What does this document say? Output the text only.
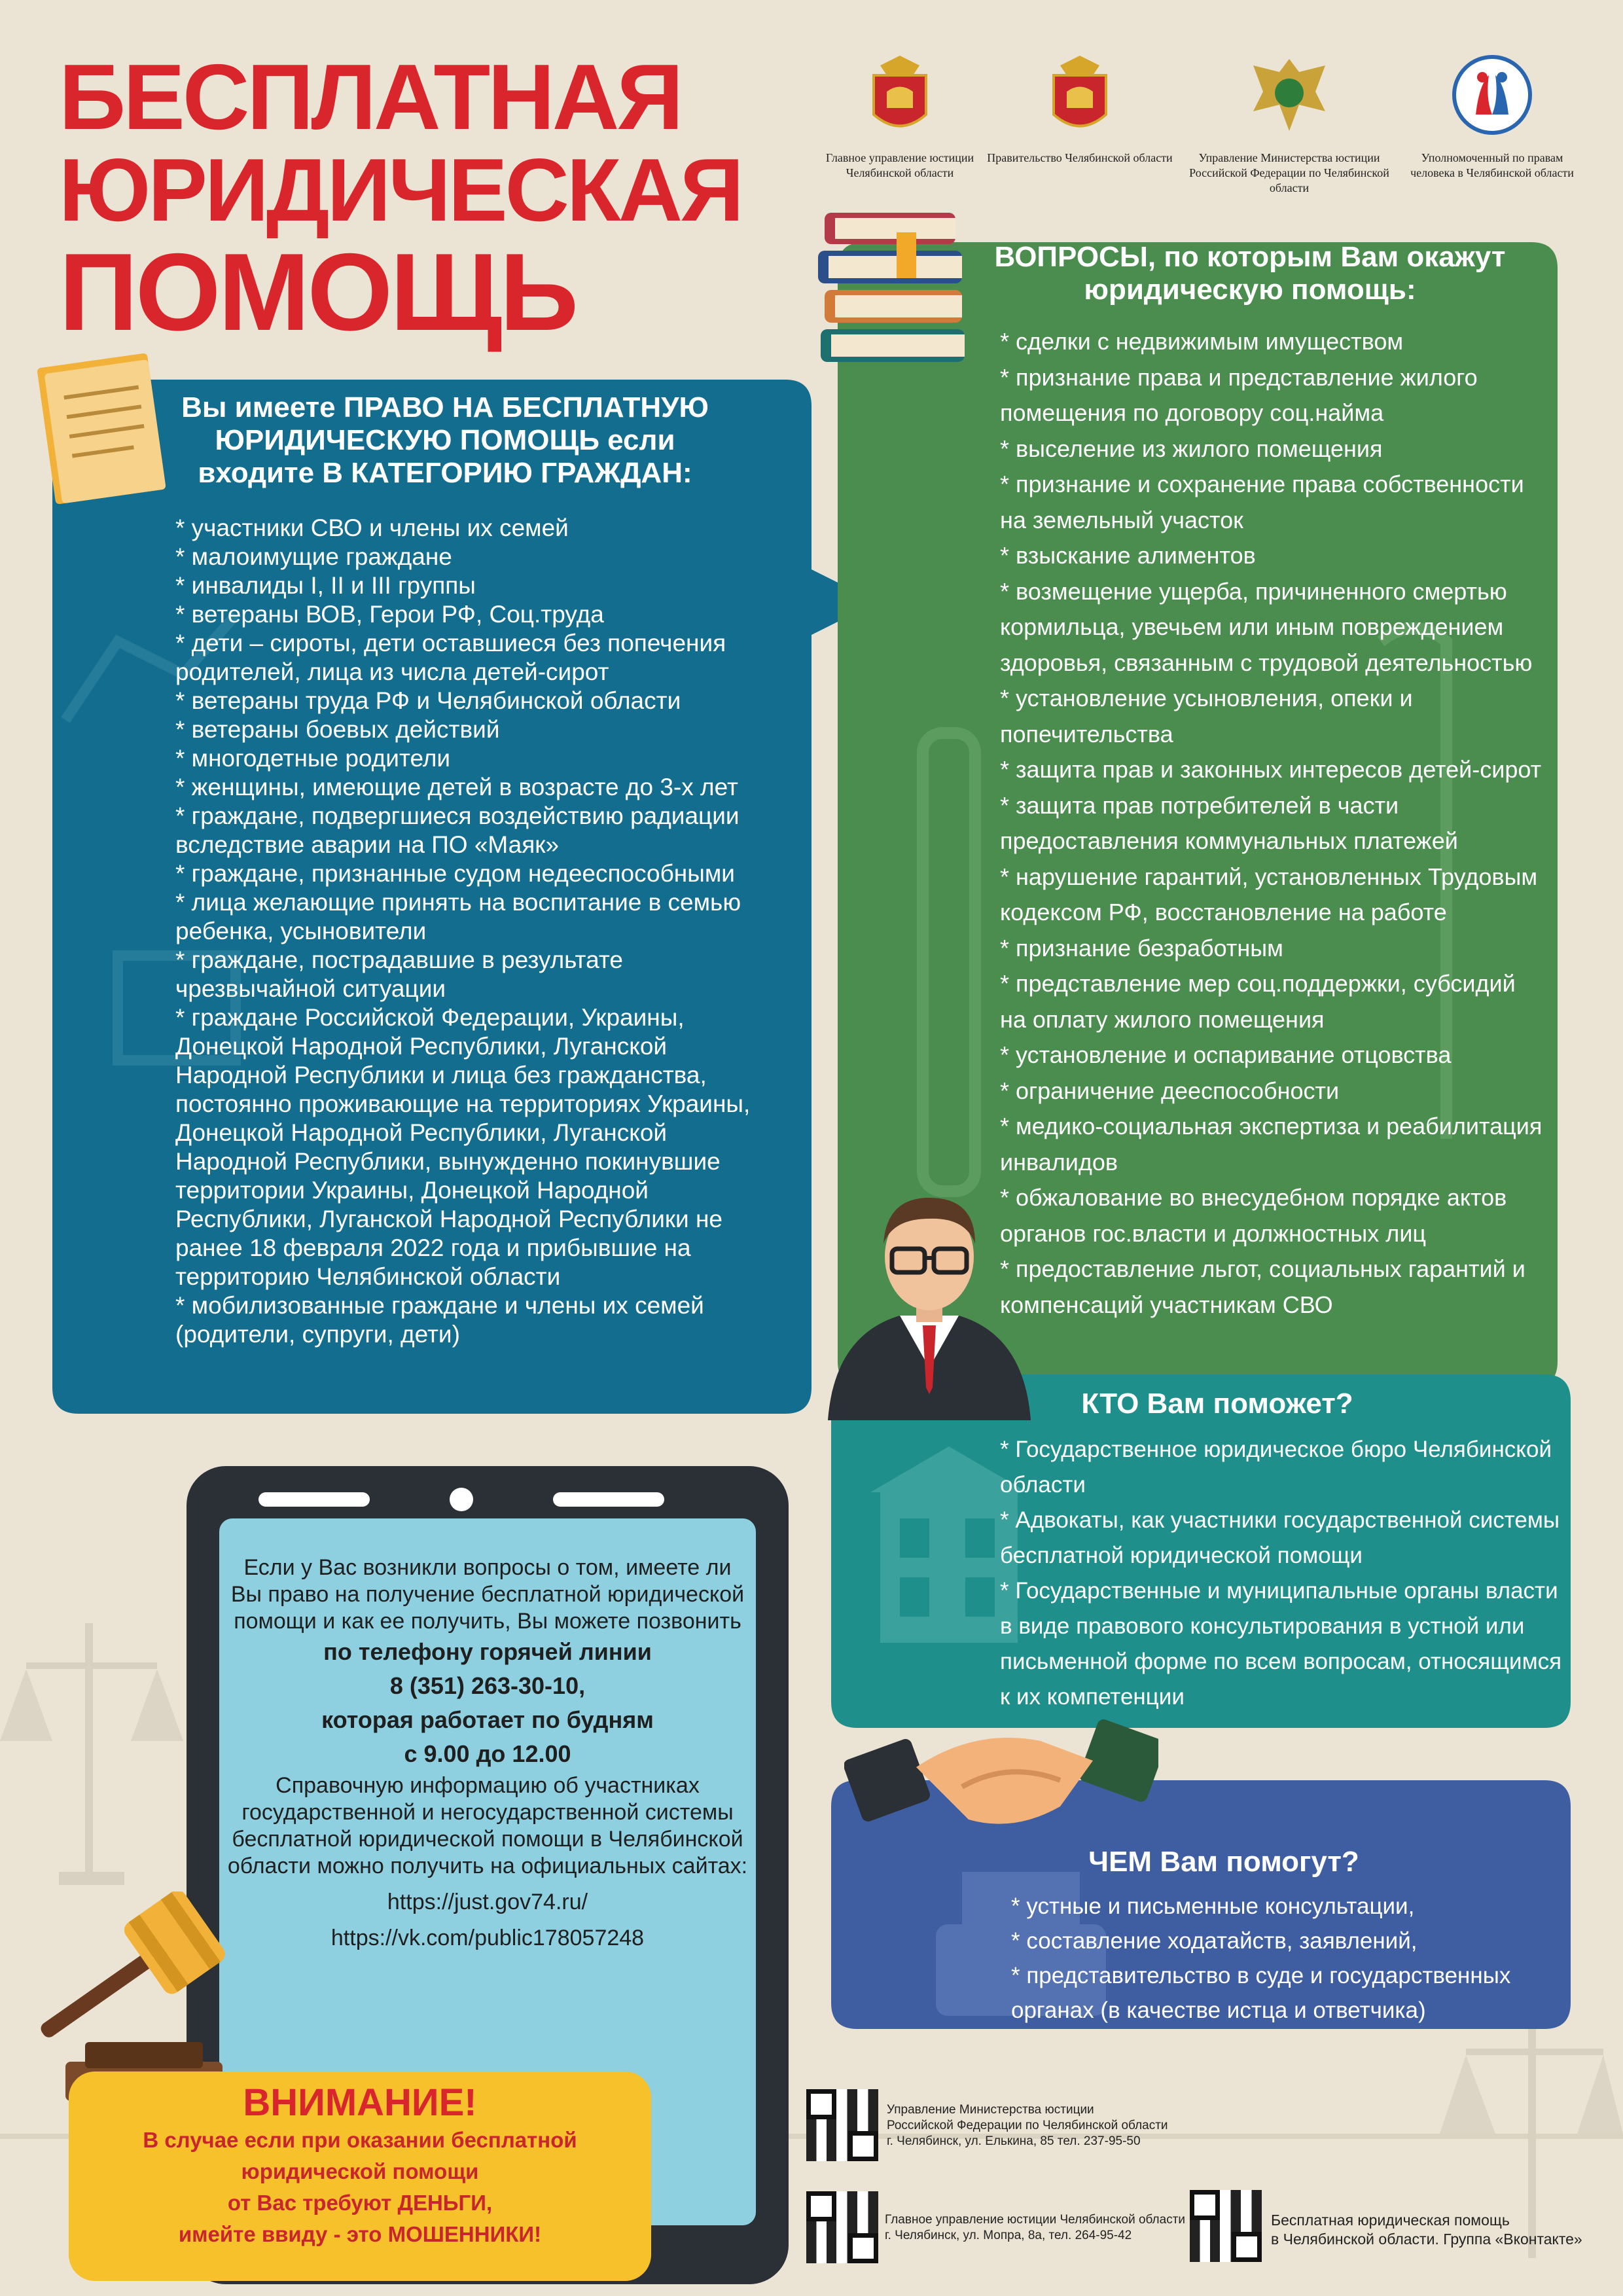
БЕСПЛАТНАЯ
ЮРИДИЧЕСКАЯ
ПОМОЩЬ
Главное управление юстиции Челябинской области
Правительство Челябинской области	Управление Министерства юстиции Российской Федерации по Челябинской области
Уполномоченный по правам человека в Челябинской области
Вы имеете ПРАВО НА БЕСПЛАТНУЮ ЮРИДИЧЕСКУЮ ПОМОЩЬ если входите В КАТЕГОРИЮ ГРАЖДАН:
* участники СВО и члены их семей
* малоимущие граждане
* инвалиды I, II и III группы
* ветераны ВОВ, Герои РФ, Соц.труда
* дети – сироты, дети оставшиеся без попечения родителей, лица из числа детей-сирот
* ветераны труда РФ и Челябинской области
* ветераны боевых действий
* многодетные родители
* женщины, имеющие детей в возрасте до 3-х лет
* граждане, подвергшиеся воздействию радиации вследствие аварии на ПО «Маяк»
* граждане, признанные судом недееспособными
* лица желающие принять на воспитание в семью ребенка, усыновители
* граждане, пострадавшие в результате чрезвычайной ситуации
* граждане Российской Федерации, Украины, Донецкой Народной Республики, Луганской Народной Республики и лица без гражданства, постоянно проживающие на территориях Украины, Донецкой Народной Республики, Луганской Народной Республики, вынужденно покинувшие территории Украины, Донецкой Народной Республики, Луганской Народной Республики не ранее 18 февраля 2022 года и прибывшие на территорию Челябинской области
* мобилизованные граждане и члены их семей (родители, супруги, дети)
ВОПРОСЫ, по которым Вам окажут юридическую помощь:
* сделки с недвижимым имуществом
* признание права и представление жилого помещения по договору соц.найма
* выселение из жилого помещения
* признание и сохранение права собственности на земельный участок
* взыскание алиментов
* возмещение ущерба, причиненного смертью кормильца, увечьем или иным повреждением здоровья, связанным с трудовой деятельностью
* установление усыновления, опеки и попечительства
* защита прав и законных интересов детей-сирот
* защита прав потребителей в части предоставления коммунальных платежей
* нарушение гарантий, установленных Трудовым кодексом РФ, восстановление на работе
* признание безработным
* представление мер соц.поддержки, субсидий на оплату жилого помещения
* установление и оспаривание отцовства
* ограничение дееспособности
* медико-социальная экспертиза и реабилитация инвалидов
* обжалование во внесудебном порядке актов органов гос.власти и должностных лиц
* предоставление льгот, социальных гарантий и компенсаций участникам СВО
КТО Вам поможет?
* Государственное юридическое бюро Челябинской области
* Адвокаты, как участники государственной системы бесплатной юридической помощи
* Государственные и муниципальные органы власти в виде правового консультирования в устной или письменной форме по всем вопросам, относящимся к их компетенции
ЧЕМ Вам помогут?
* устные и письменные консультации,
* составление ходатайств, заявлений,
* представительство в суде и государственных органах (в качестве истца и ответчика)
Если у Вас возникли вопросы о том, имеете ли Вы право на получение бесплатной юридической помощи и как ее получить, Вы можете позвонить
по телефону горячей линии
8 (351) 263-30-10,
которая работает по будням
с 9.00 до 12.00
Справочную информацию об участниках государственной и негосударственной системы бесплатной юридической помощи в Челябинской области можно получить на официальных сайтах:
https://just.gov74.ru/
https://vk.com/public178057248
ВНИМАНИЕ!
В случае если при оказании бесплатной
юридической помощи
от Вас требуют ДЕНЬГИ,
имейте ввиду - это МОШЕННИКИ!
Управление Министерства юстиции
Российской Федерации по Челябинской области
г. Челябинск, ул. Елькина, 85 тел. 237-95-50
Главное управление юстиции Челябинской области
г. Челябинск, ул. Мопра, 8а, тел. 264-95-42
Бесплатная юридическая помощь
в Челябинской области. Группа «Вконтакте»
